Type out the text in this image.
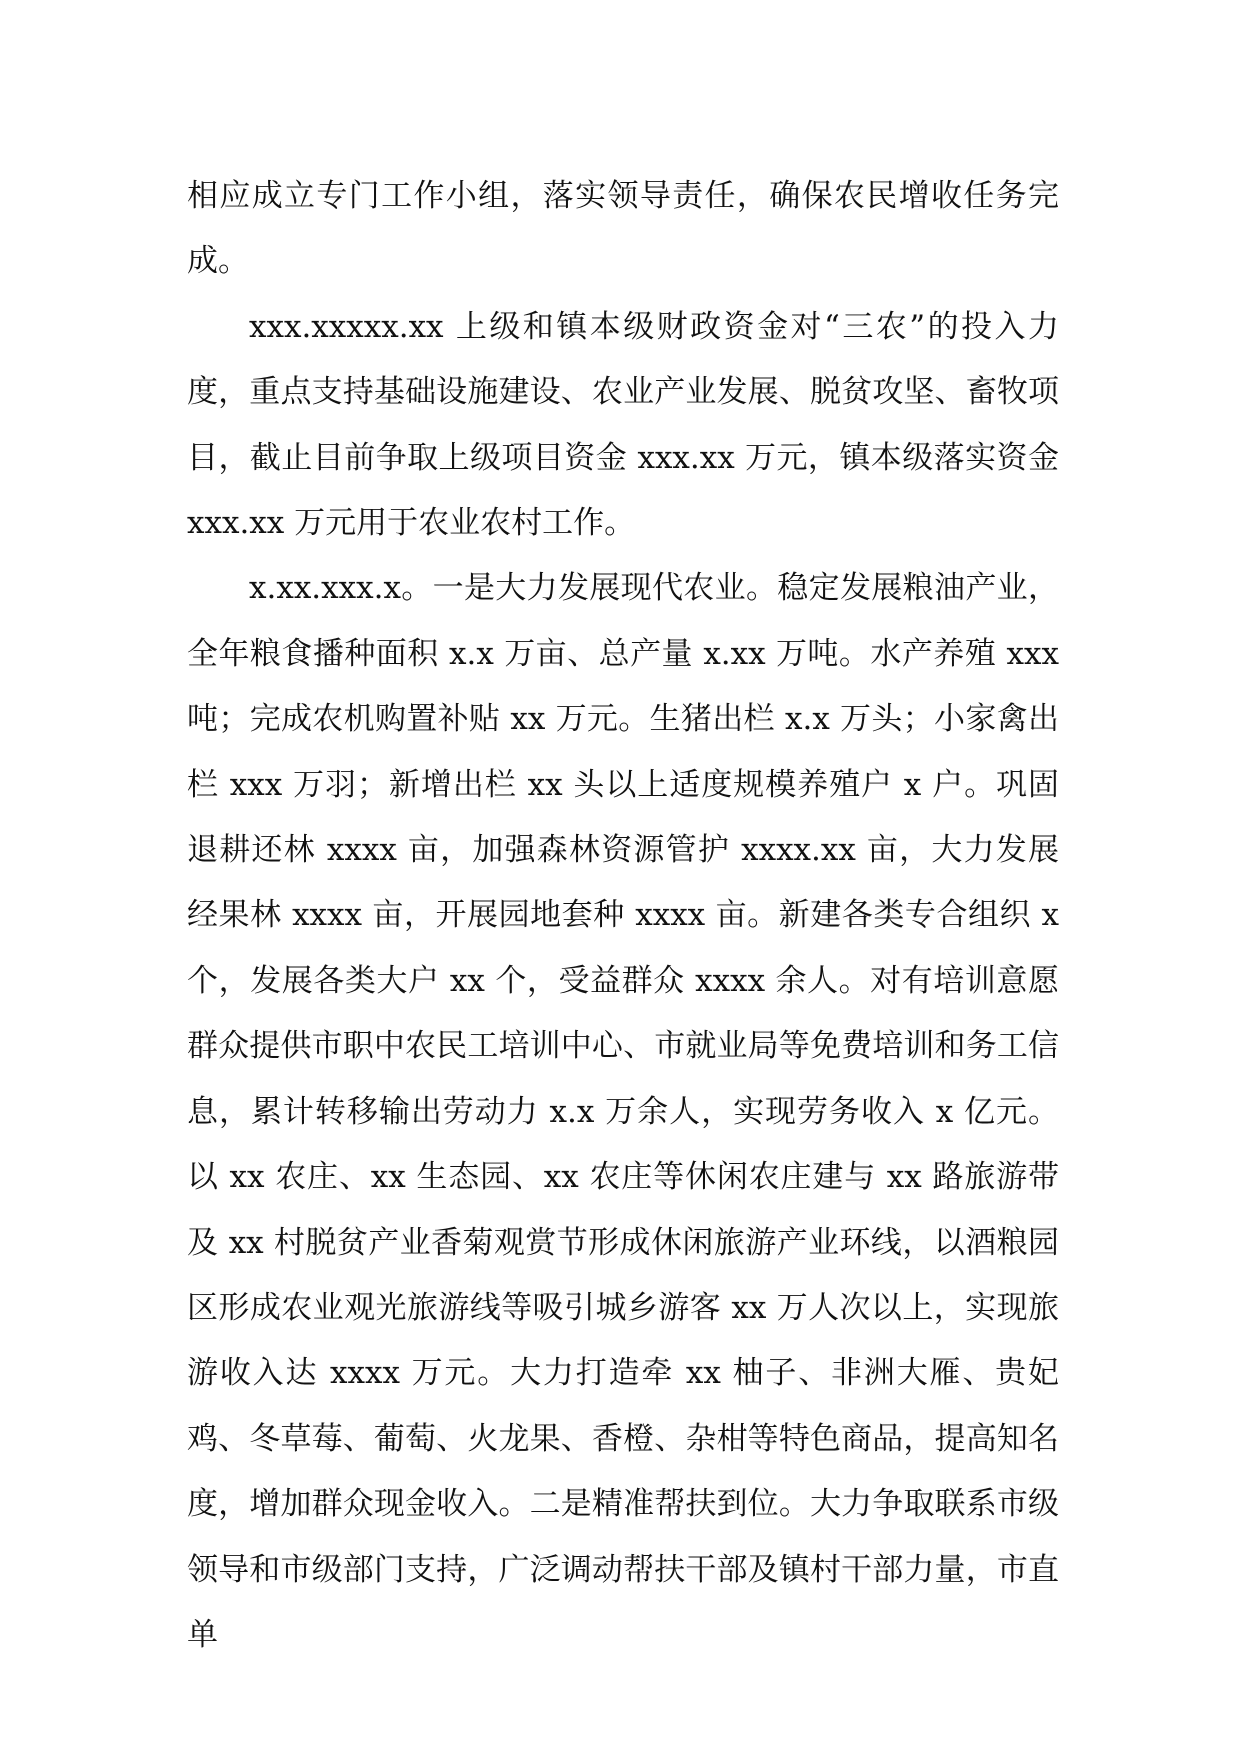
相应成立专门工作小组，落实领导责任，确保农民增收任务完成。

xxx.xxxxx.xx 上级和镇本级财政资金对“三农”的投入力度，重点支持基础设施建设、农业产业发展、脱贫攻坚、畜牧项目，截止目前争取上级项目资金 xxx.xx 万元，镇本级落实资金 xxx.xx 万元用于农业农村工作。

x.xx.xxx.x。一是大力发展现代农业。稳定发展粮油产业，全年粮食播种面积 x.x 万亩、总产量 x.xx 万吨。水产养殖 xxx 吨；完成农机购置补贴 xx 万元。生猪出栏 x.x 万头；小家禽出栏 xxx 万羽；新增出栏 xx 头以上适度规模养殖户 x 户。巩固退耕还林 xxxx 亩，加强森林资源管护 xxxx.xx 亩，大力发展经果林 xxxx 亩，开展园地套种 xxxx 亩。新建各类专合组织 x 个，发展各类大户 xx 个，受益群众 xxxx 余人。对有培训意愿群众提供市职中农民工培训中心、市就业局等免费培训和务工信息，累计转移输出劳动力 x.x 万余人，实现劳务收入 x 亿元。以 xx 农庄、xx 生态园、xx 农庄等休闲农庄建与 xx 路旅游带及 xx 村脱贫产业香菊观赏节形成休闲旅游产业环线，以酒粮园区形成农业观光旅游线等吸引城乡游客 xx 万人次以上，实现旅游收入达 xxxx 万元。大力打造牵 xx 柚子、非洲大雁、贵妃鸡、冬草莓、葡萄、火龙果、香橙、杂柑等特色商品，提高知名度，增加群众现金收入。二是精准帮扶到位。大力争取联系市级领导和市级部门支持，广泛调动帮扶干部及镇村干部力量，市直单
